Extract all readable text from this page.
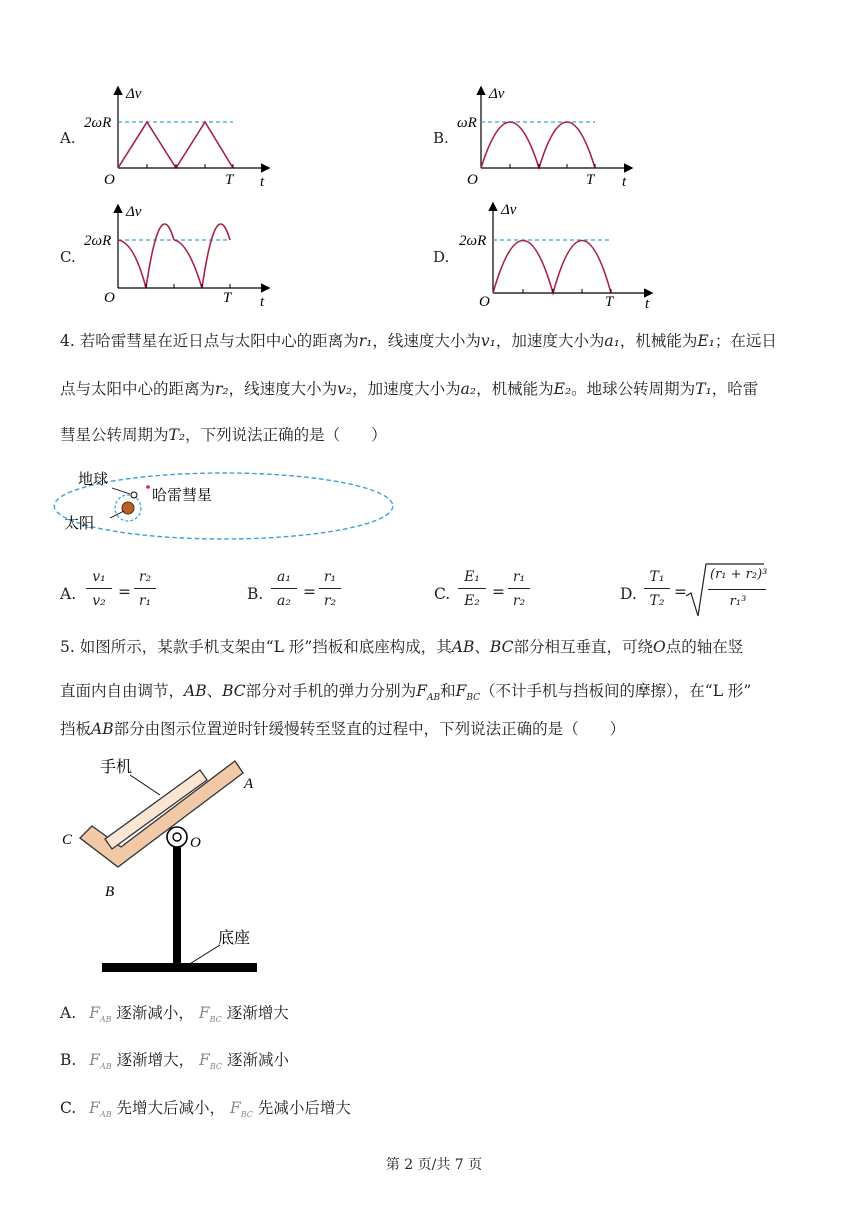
A.
Δv
2ωR
O	T t
B.
Δv
ωR
O	T t
C.
Δv
2ωR
O	T t
D.
Δv
2ωR
O	T t
4. 若哈雷彗星在近日点与太阳中心的距离为r₁，线速度大小为v₁，加速度大小为a₁，机械能为E₁；在远日
点与太阳中心的距离为r₂，线速度大小为v₂，加速度大小为a₂，机械能为E₂。地球公转周期为T₁，哈雷
彗星公转周期为T₂，下列说法正确的是（　　）
地球
太阳
哈雷彗星
A.
v₁
v₂ =
r₂
r₁	B.
a₁
a₂ =
r₁
r₂	C.
E₁
E₂ =
r₁
r₂	D.
T₁
T₂ =
(r₁ + r₂)³
r₁³
5. 如图所示，某款手机支架由“L 形”挡板和底座构成，其AB、BC部分相互垂直，可绕O点的轴在竖
直面内自由调节，AB、BC部分对手机的弹力分别为$F_{AB}$和$F_{BC}$（不计手机与挡板间的摩擦），在“L 形”
挡板AB部分由图示位置逆时针缓慢转至竖直的过程中，下列说法正确的是（　　）
手机
A
C
B
O
底座
A. $F_{AB}$ 逐渐减小， $F_{BC}$ 逐渐增大
B. $F_{AB}$ 逐渐增大， $F_{BC}$ 逐渐减小
C. $F_{AB}$ 先增大后减小， $F_{BC}$ 先减小后增大
第 2 页/共 7 页
